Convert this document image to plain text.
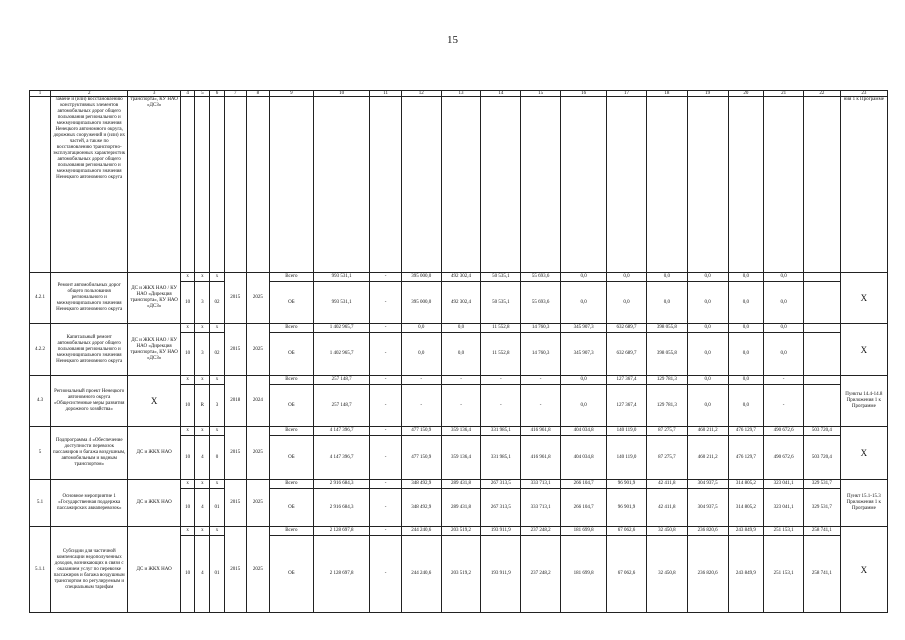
15
1	2	3	4	5	6	7	8	9	10	11	12	13	14	15	16	17	18	19	20	21	22	23
	замене и (или) восстановлению конструктивных элементов автомобильных дорог общего пользования регионального и межмуниципального значения Ненецкого автономного округа, дорожных сооружений и (или) их частей, а также по восстановлению транспортно-эксплуатационных характеристик автомобильных дорог общего пользования регионального и межмуниципального значения Ненецкого автономного округа	транспорта», КУ НАО «ДСЗ»																				ния 1 к Программе
4.2.1	Ремонт автомобильных дорог общего пользования регионального и межмуниципального значения Ненецкого автономного округа	ДС и ЖКХ НАО / КУ НАО «Дирекция транспорта», КУ НАО «ДСЗ»	x	x	x	2015	2025	Всего	993 531,1	-	395 000,0	492 302,4	50 535,1	55 693,6	0,0	0,0	0,0	0,0	0,0	0,0		X
			10	3	02			ОБ	993 531,1	-	395 000,0	492 302,4	50 535,1	55 693,6	0,0	0,0	0,0	0,0	0,0	0,0		
4.2.2	Капитальный ремонт автомобильных дорог общего пользования регионального и межмуниципального значения Ненецкого автономного округа	ДС и ЖКХ НАО / КУ НАО «Дирекция транспорта», КУ НАО «ДСЗ»	x	x	x	2015	2025	Всего	1 402 965,7	-	0,0	0,0	11 552,8	14 760,3	345 907,3	632 689,7	398 055,8	0,0	0,0	0,0		X
			10	3	02			ОБ	1 402 965,7	-	0,0	0,0	11 552,8	14 760,3	345 907,3	632 689,7	398 055,8	0,0	0,0	0,0		
4.3	Региональный проект Ненецкого автономного округа «Общесистемные меры развития дорожного хозяйства»	X	x	x	x	2018	2024	Всего	257 148,7	-	-	-	-	-	0,0	127 367,4	129 781,3	0,0	0,0	-		Пункты 14.4-14.8 Приложения 1 к Программе
			10	R	3			ОБ	257 148,7	-	-	-	-	-	0,0	127 367,4	129 781,3	0,0	0,0	-		
5	Подпрограмма 4 «Обеспечение доступности перевозок пассажиров и багажа воздушным, автомобильным и водным транспортом»	ДС и ЖКХ НАО	x	x	x	2015	2025	Всего	4 147 396,7	-	477 150,9	359 136,4	331 985,1	416 961,8	404 034,8	140 119,0	87 275,7	460 211,2	476 129,7	490 672,6	503 720,4	X
			10	4	0			ОБ	4 147 396,7	-	477 150,9	359 136,4	331 985,1	416 961,8	404 034,8	140 119,0	87 275,7	460 211,2	476 129,7	490 672,6	503 720,4	
5.1	Основное мероприятие 1 «Государственная поддержка пассажирских авиаперевозок»	ДС и ЖКХ НАО	x	x	x	2015	2025	Всего	2 916 684,3	-	348 492,9	289 431,8	267 313,5	333 713,1	266 104,7	96 901,9	42 411,8	304 937,5	314 805,2	323 041,1	329 531,7	Пункт 15.1-15.3 Приложения 1 к Программе
			10	4	01			ОБ	2 916 684,3	-	348 492,9	289 431,8	267 313,5	333 713,1	266 104,7	96 901,9	42 411,8	304 937,5	314 805,2	323 041,1	329 531,7	
5.1.1	Субсидии для частичной компенсации недополученных доходов, возникающих в связи с оказанием услуг по перевозке пассажиров и багажа воздушным транспортом по регулируемым и специальным тарифам	ДС и ЖКХ НАО	x	x	x	2015	2025	Всего	2 128 697,8	-	244 240,6	203 519,2	193 911,9	237 248,2	181 699,8	67 062,6	32 450,8	236 820,6	243 849,9	251 153,1	258 741,1	X
			10	4	01			ОБ	2 128 697,8	-	244 240,6	203 519,2	193 911,9	237 248,2	181 699,8	67 062,6	32 450,8	236 820,6	243 849,9	251 153,1	258 741,1	
